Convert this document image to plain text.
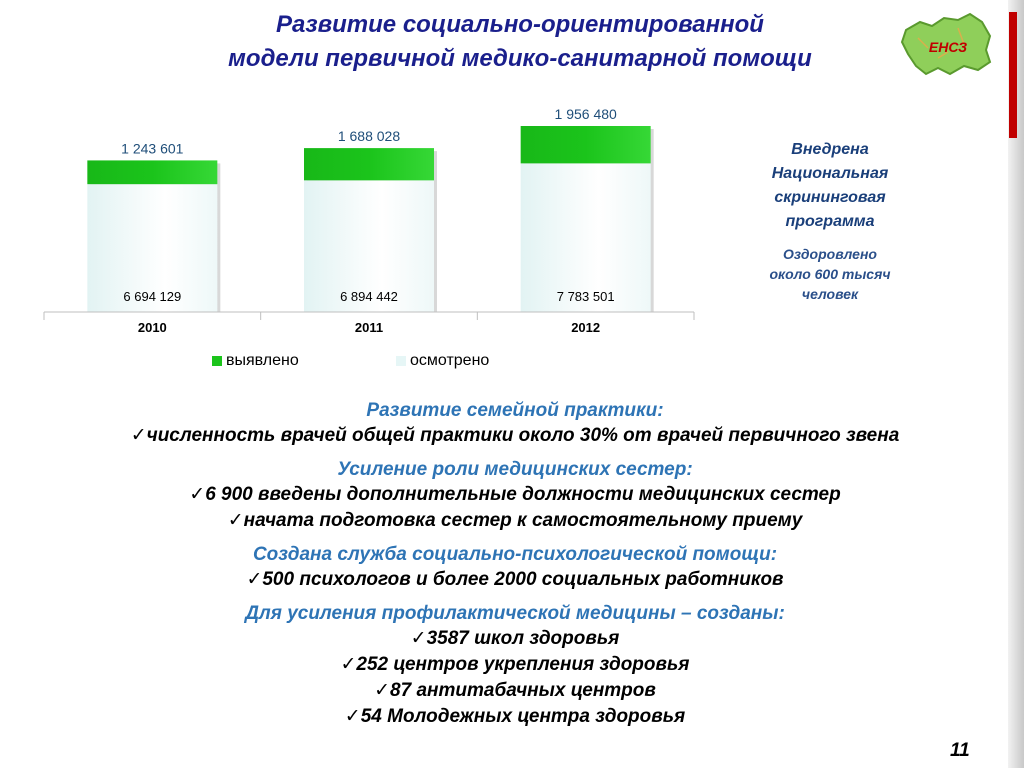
Развитие социально-ориентированной
модели первичной медико-санитарной помощи	ЕНСЗ
1 243 601
6 694 129
2010
1 688 028
6 894 442
2011
1 956 480
7 783 501
2012
выявлено	осмотрено
Внедрена
Национальная
скрининговая
программа
Оздоровлено
около 600 тысяч
человек
Развитие семейной практики:
✓численность врачей общей практики около 30% от врачей первичного звена
Усиление роли медицинских сестер:
✓6 900 введены дополнительные должности медицинских сестер
✓начата подготовка сестер к самостоятельному приему
Создана служба социально-психологической помощи:
✓500 психологов и более 2000 социальных работников
Для усиления профилактической медицины – созданы:
✓3587 школ здоровья
✓252 центров укрепления здоровья
✓87 антитабачных центров
✓54 Молодежных центра здоровья
11
